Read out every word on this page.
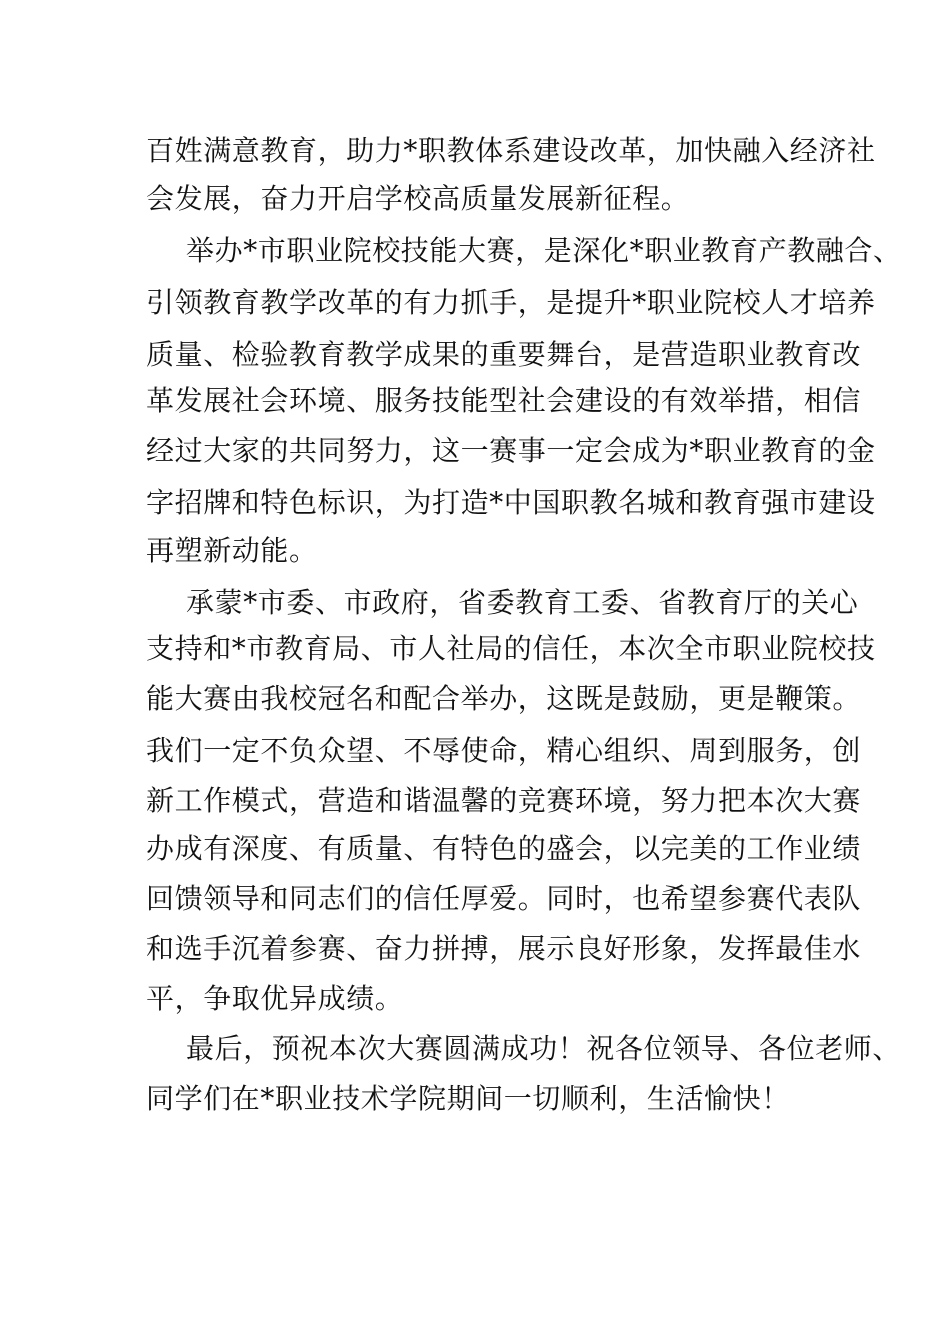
百姓满意教育，助力*职教体系建设改革，加快融入经济社
会发展，奋力开启学校高质量发展新征程。
举办*市职业院校技能大赛，是深化*职业教育产教融合、
引领教育教学改革的有力抓手，是提升*职业院校人才培养
质量、检验教育教学成果的重要舞台，是营造职业教育改
革发展社会环境、服务技能型社会建设的有效举措，相信
经过大家的共同努力，这一赛事一定会成为*职业教育的金
字招牌和特色标识，为打造*中国职教名城和教育强市建设
再塑新动能。
承蒙*市委、市政府，省委教育工委、省教育厅的关心
支持和*市教育局、市人社局的信任，本次全市职业院校技
能大赛由我校冠名和配合举办，这既是鼓励，更是鞭策。
我们一定不负众望、不辱使命，精心组织、周到服务，创
新工作模式，营造和谐温馨的竞赛环境，努力把本次大赛
办成有深度、有质量、有特色的盛会，以完美的工作业绩
回馈领导和同志们的信任厚爱。同时，也希望参赛代表队
和选手沉着参赛、奋力拼搏，展示良好形象，发挥最佳水
平，争取优异成绩。
最后，预祝本次大赛圆满成功！祝各位领导、各位老师、
同学们在*职业技术学院期间一切顺利，生活愉快！
